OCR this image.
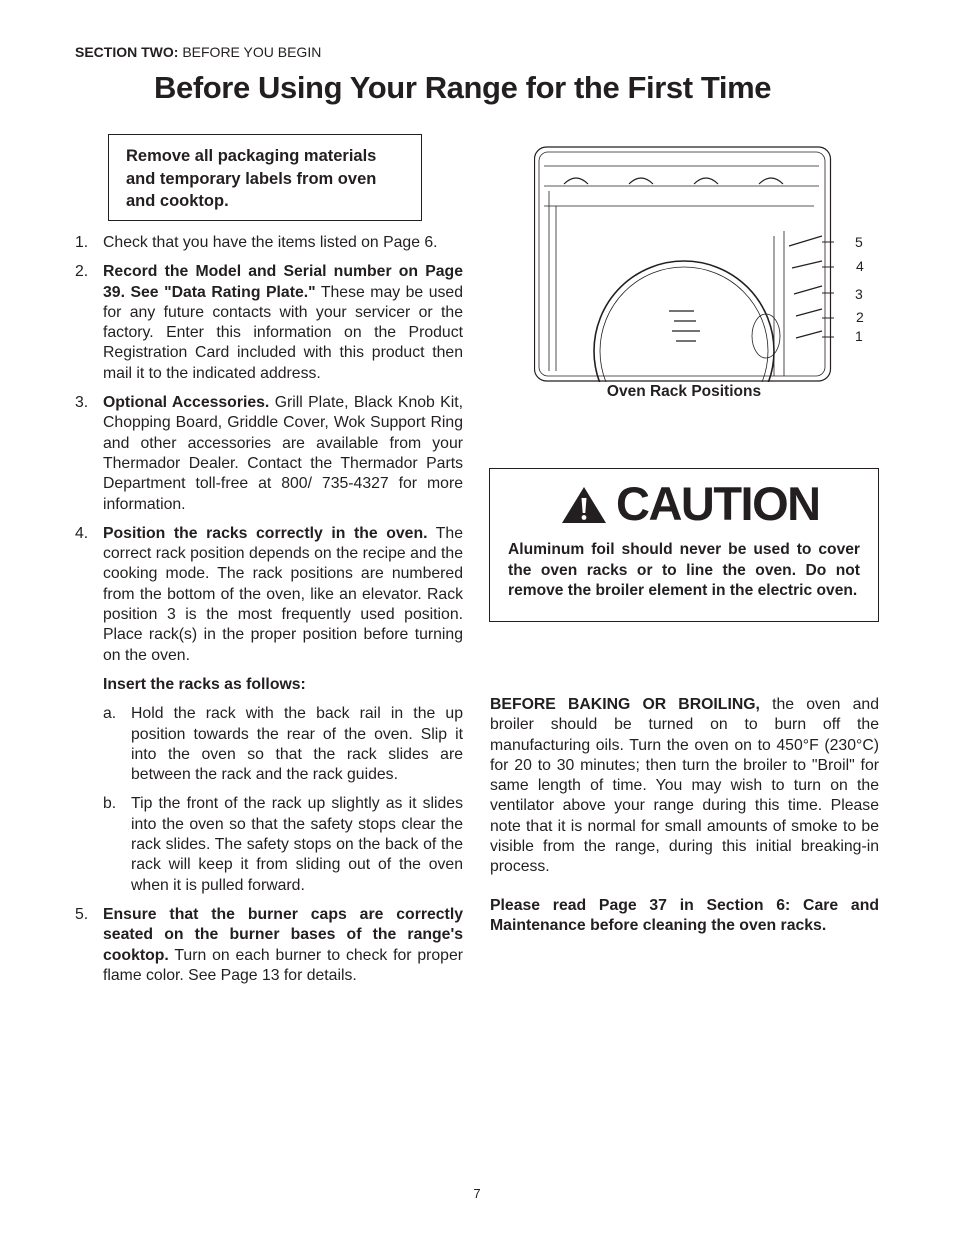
SECTION TWO: BEFORE YOU BEGIN
Before Using Your Range for the First Time
Remove all packaging materials and temporary labels from oven and cooktop.
1. Check that you have the items listed on Page 6.
2. Record the Model and Serial number on Page 39. See "Data Rating Plate." These may be used for any future contacts with your servicer or the factory. Enter this information on the Product Registration Card included with this product then mail it to the indicated address.
3. Optional Accessories. Grill Plate, Black Knob Kit, Chopping Board, Griddle Cover, Wok Support Ring and other accessories are available from your Thermador Dealer. Contact the Thermador Parts Department toll-free at 800/ 735-4327 for more information.
4. Position the racks correctly in the oven. The correct rack position depends on the recipe and the cooking mode. The rack positions are numbered from the bottom of the oven, like an elevator. Rack position 3 is the most frequently used position. Place rack(s) in the proper position before turning on the oven.
Insert the racks as follows:
a. Hold the rack with the back rail in the up position towards the rear of the oven. Slip it into the oven so that the rack slides are between the rack and the rack guides.
b. Tip the front of the rack up slightly as it slides into the oven so that the safety stops clear the rack slides. The safety stops on the back of the rack will keep it from sliding out of the oven when it is pulled forward.
5. Ensure that the burner caps are correctly seated on the burner bases of the range's cooktop. Turn on each burner to check for proper flame color. See Page 13 for details.
5
4
3
2
1
Oven Rack Positions
CAUTION
Aluminum foil should never be used to cover the oven racks or to line the oven. Do not remove the broiler element in the electric oven.

BEFORE BAKING OR BROILING, the oven and broiler should be turned on to burn off the manufacturing oils. Turn the oven on to 450°F (230°C) for 20 to 30 minutes; then turn the broiler to "Broil" for same length of time. You may wish to turn on the ventilator above your range during this time. Please note that it is normal for small amounts of smoke to be visible from the range, during this initial breaking-in process.

Please read Page 37 in Section 6: Care and Maintenance before cleaning the oven racks.

7
